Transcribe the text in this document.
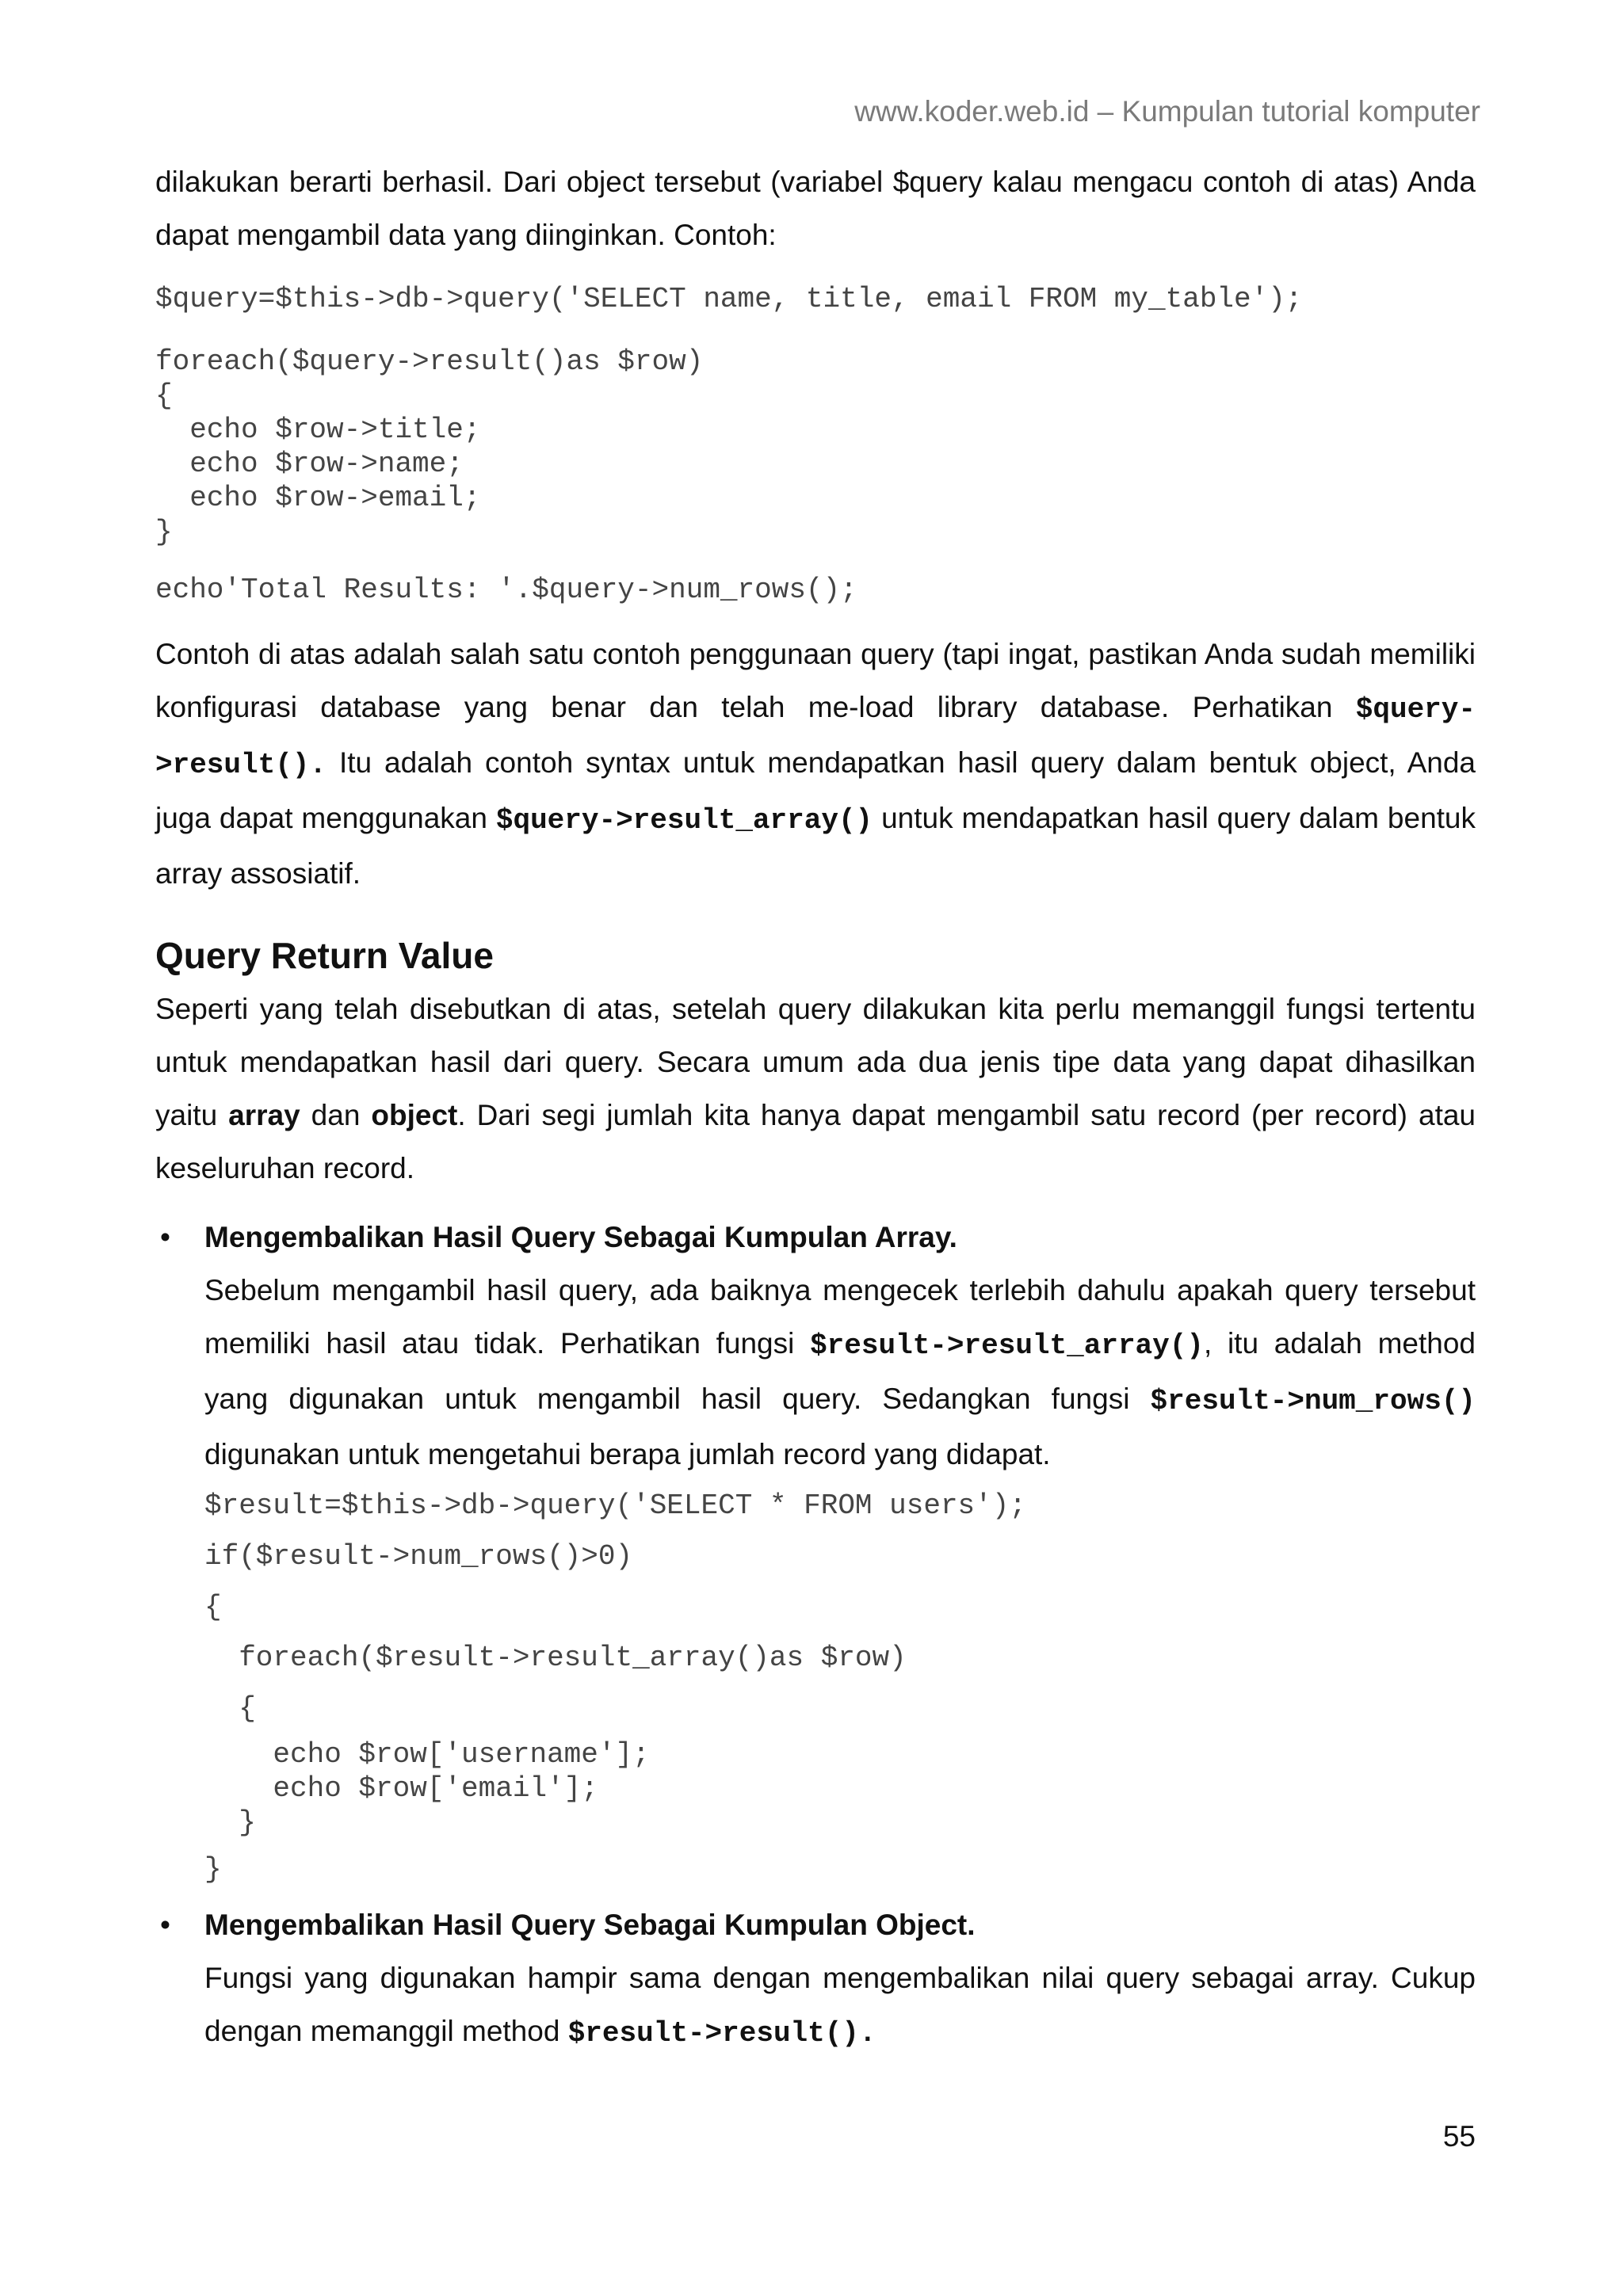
www.koder.web.id – Kumpulan tutorial komputer

dilakukan berarti berhasil. Dari object tersebut (variabel $query kalau mengacu contoh di atas) Anda dapat mengambil data yang diinginkan. Contoh:

$query=$this->db->query('SELECT name, title, email FROM my_table');
foreach($query->result()as $row)
{
echo $row->title;
echo $row->name;
echo $row->email;
}
echo'Total Results: '.$query->num_rows();

Contoh di atas adalah salah satu contoh penggunaan query (tapi ingat, pastikan Anda sudah memiliki konfigurasi database yang benar dan telah me-load library database. Perhatikan $query->result(). Itu adalah contoh syntax untuk mendapatkan hasil query dalam bentuk object, Anda juga dapat menggunakan $query->result_array() untuk mendapatkan hasil query dalam bentuk array assosiatif.

Query Return Value

Seperti yang telah disebutkan di atas, setelah query dilakukan kita perlu memanggil fungsi tertentu untuk mendapatkan hasil dari query. Secara umum ada dua jenis tipe data yang dapat dihasilkan yaitu array dan object. Dari segi jumlah kita hanya dapat mengambil satu record (per record) atau keseluruhan record.

• Mengembalikan Hasil Query Sebagai Kumpulan Array.

Sebelum mengambil hasil query, ada baiknya mengecek terlebih dahulu apakah query tersebut memiliki hasil atau tidak. Perhatikan fungsi $result->result_array(), itu adalah method yang digunakan untuk mengambil hasil query. Sedangkan fungsi $result->num_rows() digunakan untuk mengetahui berapa jumlah record yang didapat.

$result=$this->db->query('SELECT * FROM users');
if($result->num_rows()>0)
{
foreach($result->result_array()as $row)
{
echo $row['username'];
echo $row['email'];
}
}
• Mengembalikan Hasil Query Sebagai Kumpulan Object.

Fungsi yang digunakan hampir sama dengan mengembalikan nilai query sebagai array. Cukup dengan memanggil method $result->result().

55
